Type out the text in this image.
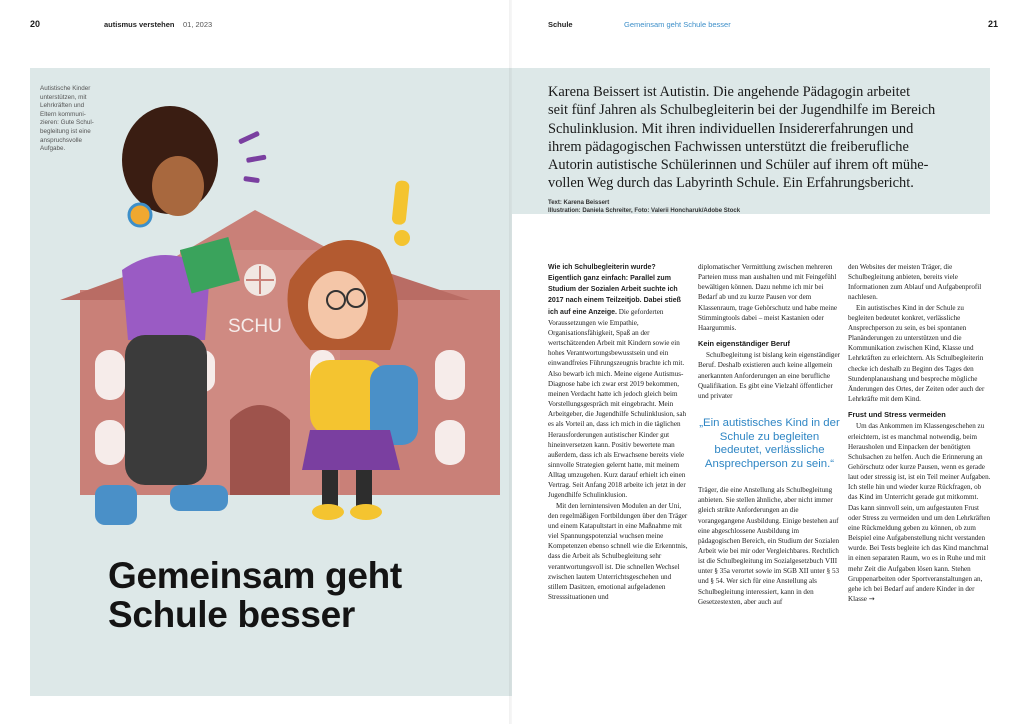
20	autismus verstehen 01, 2023
Autistische Kinder
unterstützen, mit
Lehrkräften und
Eltern kommuni-
zieren: Gute Schul-
begleitung ist eine
anspruchsvolle
Aufgabe.
SCHU
Gemeinsam geht
Schule besser
Schule	Gemeinsam geht Schule besser	21
Karena Beissert ist Autistin. Die angehende Pädagogin arbeitet
seit fünf Jahren als Schulbegleiterin bei der Jugendhilfe im Bereich
Schulinklusion. Mit ihren individuellen Insidererfahrungen und
ihrem pädagogischen Fachwissen unterstützt die freiberufliche
Autorin autistische Schülerinnen und Schüler auf ihrem oft mühe-
vollen Weg durch das Labyrinth Schule. Ein Erfahrungsbericht.
Text: Karena Beissert
Illustration: Daniela Schreiter, Foto: Valerii Honcharuk/Adobe Stock

Wie ich Schulbegleiterin wurde? Eigentlich ganz einfach: Parallel zum Studium der Sozialen Arbeit suchte ich 2017 nach einem Teilzeitjob. Dabei stieß ich auf eine Anzeige. Die geforderten Voraussetzungen wie Empathie, Organisationsfähigkeit, Spaß an der wertschätzenden Arbeit mit Kindern sowie ein hohes Verantwortungsbewusstsein und ein einwandfreies Führungszeugnis brachte ich mit. Also bewarb ich mich. Meine eigene Autismus-Diagnose habe ich zwar erst 2019 bekommen, meinen Verdacht hatte ich jedoch gleich beim Vorstellungsgespräch mit eingebracht. Mein Arbeitgeber, die Jugendhilfe Schulinklusion, sah es als Vorteil an, dass ich mich in die täglichen Herausforderungen autistischer Kinder gut hineinversetzen kann. Positiv bewertete man außerdem, dass ich als Erwachsene bereits viele sinnvolle Strategien gelernt hatte, mit meinem Alltag umzugehen. Kurz darauf erhielt ich einen Vertrag. Seit Anfang 2018 arbeite ich jetzt in der Jugendhilfe Schulinklusion.

Mit den lernintensiven Modulen an der Uni, den regelmäßigen Fortbildungen über den Träger und einem Katapultstart in eine Maßnahme mit viel Spannungspotenzial wuchsen meine Kompetenzen ebenso schnell wie die Erkenntnis, dass die Arbeit als Schulbegleitung sehr verantwortungsvoll ist. Die schnellen Wechsel zwischen lautem Unterrichtsgeschehen und stillem Dasitzen, emotional aufgeladenen Stresssituationen und

diplomatischer Vermittlung zwischen mehreren Parteien muss man aushalten und mit Feingefühl bewältigen können. Dazu nehme ich mir bei Bedarf ab und zu kurze Pausen vor dem Klassenraum, trage Gehörschutz und habe meine Stimmingtools dabei – meist Kastanien oder Haargummis.

Kein eigenständiger Beruf

Schulbegleitung ist bislang kein eigenständiger Beruf. Deshalb existieren auch keine allgemein anerkannten Anforderungen an eine berufliche Qualifikation. Es gibt eine Vielzahl öffentlicher und privater

„Ein autistisches Kind in der Schule zu begleiten bedeutet, verlässliche Ansprechperson zu sein.“

Träger, die eine Anstellung als Schulbegleitung anbieten. Sie stellen ähnliche, aber nicht immer gleich strikte Anforderungen an die vorangegangene Ausbildung. Einige bestehen auf eine abgeschlossene Ausbildung im pädagogischen Bereich, ein Studium der Sozialen Arbeit wie bei mir oder Vergleichbares. Rechtlich ist die Schulbegleitung im Sozialgesetzbuch VIII unter § 35a verortet sowie im SGB XII unter § 53 und § 54. Wer sich für eine Anstellung als Schulbegleitung interessiert, kann in den Gesetzestexten, aber auch auf

den Websites der meisten Träger, die Schulbegleitung anbieten, bereits viele Informationen zum Ablauf und Aufgabenprofil nachlesen.

Ein autistisches Kind in der Schule zu begleiten bedeutet konkret, verlässliche Ansprechperson zu sein, es bei spontanen Planänderungen zu unterstützen und die Kommunikation zwischen Kind, Klasse und Lehrkräften zu erleichtern. Als Schulbegleiterin checke ich deshalb zu Beginn des Tages den Stundenplanaushang und bespreche mögliche Änderungen des Ortes, der Zeiten oder auch der Lehrkräfte mit dem Kind.

Frust und Stress vermeiden

Um das Ankommen im Klassengeschehen zu erleichtern, ist es manchmal notwendig, beim Herausholen und Einpacken der benötigten Schulsachen zu helfen. Auch die Erinnerung an Gehörschutz oder kurze Pausen, wenn es gerade laut oder stressig ist, ist ein Teil meiner Aufgaben. Ich stelle hin und wieder kurze Rückfragen, ob das Kind im Unterricht gerade gut mitkommt. Das kann sinnvoll sein, um aufgestauten Frust oder Stress zu vermeiden und um den Lehrkräften eine Rückmeldung geben zu können, ob zum Beispiel eine Aufgabenstellung nicht verstanden wurde. Bei Tests begleite ich das Kind manchmal in einen separaten Raum, wo es in Ruhe und mit mehr Zeit die Aufgaben lösen kann. Stehen Gruppenarbeiten oder Sportveranstaltungen an, gehe ich bei Bedarf auf andere Kinder in der Klasse →
